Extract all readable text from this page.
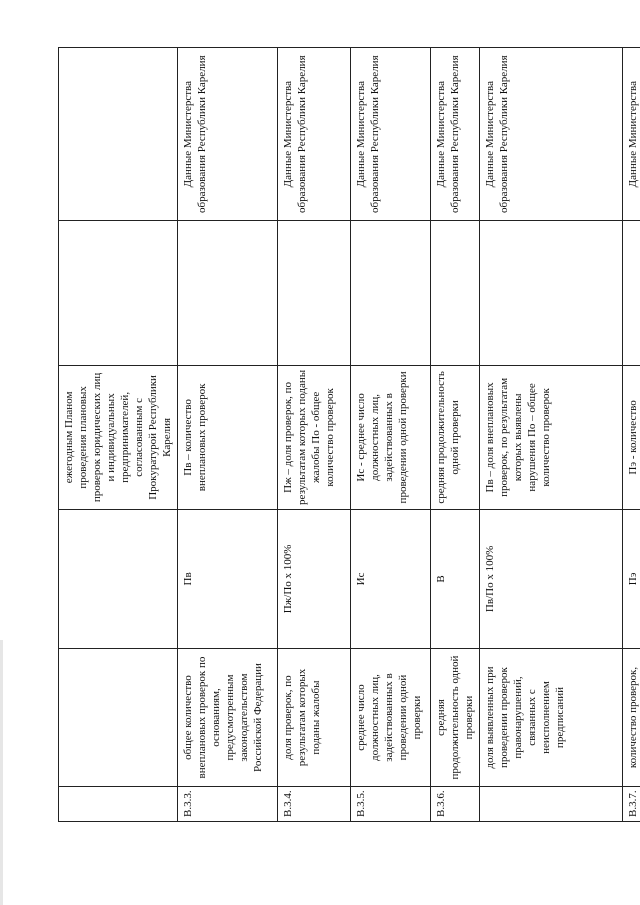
			ежегодным Планом проведения плановых проверок юридических лиц и индивидуальных предпринимателей, согласованным с Прокуратурой Республики Карелия		
В.3.3.	общее количество внеплановых проверок по основаниям, предусмотренным законодательством Российской Федерации	Пв	Пв – количество внеплановых проверок		Данные Министерства образования Республики Карелия
В.3.4.	доля проверок, по результатам которых поданы жалобы	Пж/По х 100%	Пж – доля проверок, по результатам которых поданы жалобы По - общее количество проверок		Данные Министерства образования Республики Карелия
В.3.5.	среднее число должностных лиц, задействованных в проведении одной проверки	Ис	Ис - среднее число должностных лиц, задействованных в проведении одной проверки		Данные Министерства образования Республики Карелия
В.3.6.	средняя продолжительность одной проверки	В	средняя продолжительность одной проверки		Данные Министерства образования Республики Карелия
	доля выявленных при проведении проверок правонарушений, связанных с неисполнением предписаний	Пв/По х 100%	Пв – доля внеплановых проверок, по результатам которых выявлены нарушения По – общее количество проверок		Данные Министерства образования Республики Карелия
В.3.7.	количество проверок,	Пэ	Пэ - количество		Данные Министерства
